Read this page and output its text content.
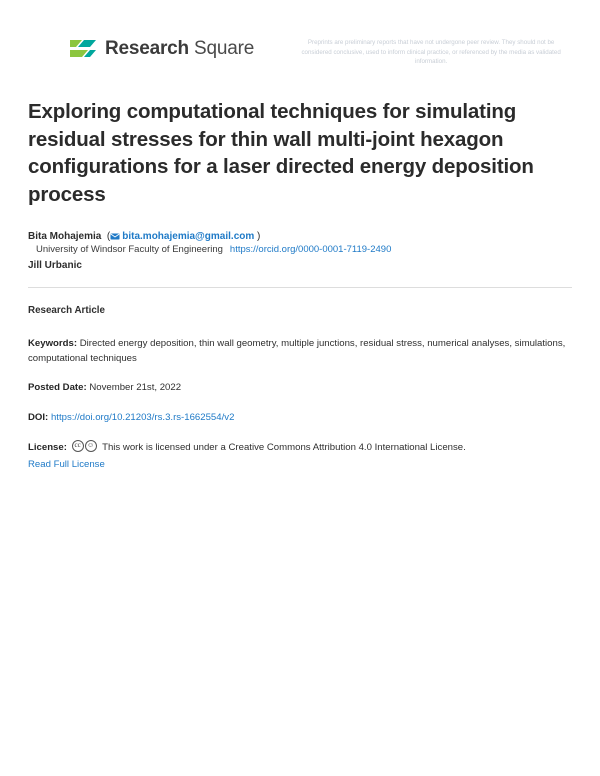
Research Square	Preprints are preliminary reports that have not undergone peer review. They should not be considered conclusive, used to inform clinical practice, or referenced by the media as validated information.
Exploring computational techniques for simulating residual stresses for thin wall multi-joint hexagon configurations for a laser directed energy deposition process
Bita Mohajemia  ( bita.mohajemia@gmail.com )
University of Windsor Faculty of Engineering https://orcid.org/0000-0001-7119-2490
Jill Urbanic
Research Article
Keywords: Directed energy deposition, thin wall geometry, multiple junctions, residual stress, numerical analyses, simulations, computational techniques
Posted Date: November 21st, 2022
DOI: https://doi.org/10.21203/rs.3.rs-1662554/v2
License: cc ☺ This work is licensed under a Creative Commons Attribution 4.0 International License.
Read Full License
